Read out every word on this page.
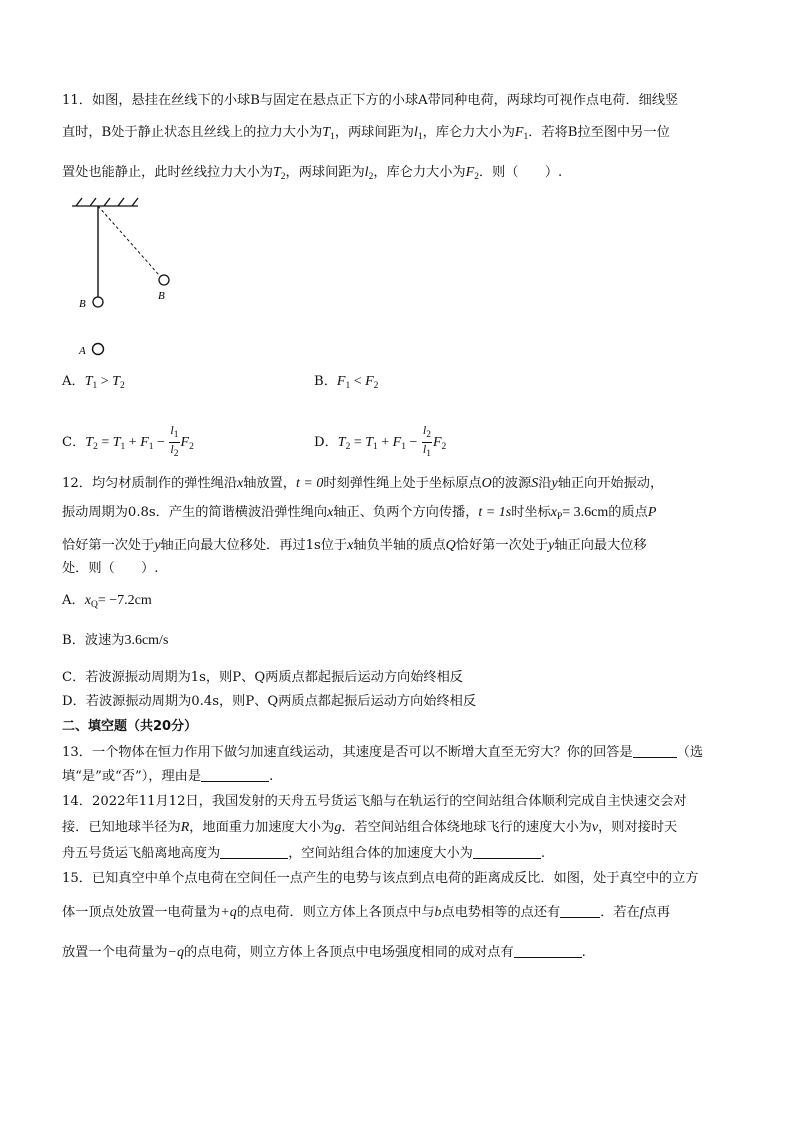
11．如图，悬挂在丝线下的小球B与固定在悬点正下方的小球A带同种电荷，两球均可视作点电荷．细线竖
直时，B处于静止状态且丝线上的拉力大小为$T_1$，两球间距为$l_1$，库仑力大小为$F_1$．若将B拉至图中另一位
置处也能静止，此时丝线拉力大小为$T_2$，两球间距为$l_2$，库仑力大小为$F_2$．则（　　）.
B
B
A
A．$T_1 > T_2$	B．$F_1 < F_2$
C．$T_2 = T_1 + F_1 - \frac{l_1}{l_2} F_2$	D．$T_2 = T_1 + F_1 - \frac{l_2}{l_1} F_2$
12．均匀材质制作的弹性绳沿x轴放置，t = 0时刻弹性绳上处于坐标原点O的波源S沿y轴正向开始振动，
振动周期为0.8s．产生的简谐横波沿弹性绳向x轴正、负两个方向传播，t = 1s时坐标$x_P= 3.6cm$的质点P
恰好第一次处于y轴正向最大位移处．再过1s位于x轴负半轴的质点Q恰好第一次处于y轴正向最大位移
处．则（　　）.
A．$x_Q= -7.2cm$
B．波速为3.6cm/s
C．若波源振动周期为1s，则P、Q两质点都起振后运动方向始终相反
D．若波源振动周期为0.4s，则P、Q两质点都起振后运动方向始终相反
二、填空题（共20分）
13．一个物体在恒力作用下做匀加速直线运动，其速度是否可以不断增大直至无穷大？你的回答是	（选
填“是”或“否”），理由是	.
14．2022年11月12日，我国发射的天舟五号货运飞船与在轨运行的空间站组合体顺利完成自主快速交会对
接．已知地球半径为R，地面重力加速度大小为g．若空间站组合体绕地球飞行的速度大小为v，则对接时天
舟五号货运飞船离地高度为	，空间站组合体的加速度大小为	.
15．已知真空中单个点电荷在空间任一点产生的电势与该点到点电荷的距离成反比．如图，处于真空中的立方
体一顶点处放置一电荷量为+q的点电荷．则立方体上各顶点中与b点电势相等的点还有	．若在f点再
放置一个电荷量为−q的点电荷，则立方体上各顶点中电场强度相同的成对点有	.
